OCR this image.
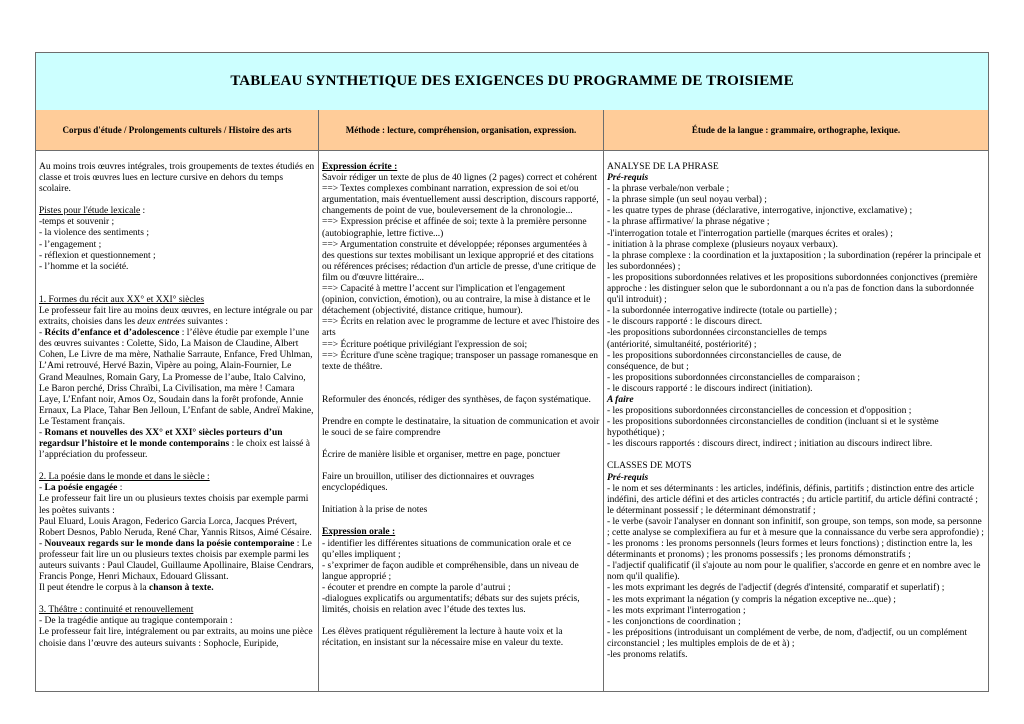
TABLEAU SYNTHETIQUE DES EXIGENCES DU PROGRAMME DE TROISIEME
Corpus d'étude / Prolongements culturels / Histoire des arts	Méthode : lecture, compréhension, organisation, expression.	Étude de la langue : grammaire, orthographe, lexique.

Au moins trois œuvres intégrales, trois groupements de textes étudiés en classe et trois œuvres lues en lecture cursive en dehors du temps scolaire.

Pistes pour l'étude lexicale :

-temps et souvenir ;

- la violence des sentiments ;

- l’engagement ;

- réflexion et questionnement ;

- l’homme et la société.

1. Formes du récit aux XX° et XXI° siècles

Le professeur fait lire au moins deux œuvres, en lecture intégrale ou par extraits, choisies dans les deux entrées suivantes :

- Récits d’enfance et d’adolescence : l’élève étudie par exemple l’une des œuvres suivantes : Colette, Sido, La Maison de Claudine, Albert Cohen, Le Livre de ma mère, Nathalie Sarraute, Enfance, Fred Uhlman, L’Ami retrouvé, Hervé Bazin, Vipère au poing, Alain-Fournier, Le Grand Meaulnes, Romain Gary, La Promesse de l’aube, Italo Calvino, Le Baron perché, Driss Chraïbi, La Civilisation, ma mère ! Camara Laye, L’Enfant noir, Amos Oz, Soudain dans la forêt profonde, Annie Ernaux, La Place, Tahar Ben Jelloun, L’Enfant de sable, Andreï Makine, Le Testament français.

- Romans et nouvelles des XX° et XXI° siècles porteurs d’un regardsur l’histoire et le monde contemporains : le choix est laissé à l’appréciation du professeur.

2. La poésie dans le monde et dans le siècle :

- La poésie engagée :

Le professeur fait lire un ou plusieurs textes choisis par exemple parmi les poètes suivants :

Paul Eluard, Louis Aragon, Federico Garcia Lorca, Jacques Prévert, Robert Desnos, Pablo Neruda, René Char, Yannis Ritsos, Aimé Césaire.

- Nouveaux regards sur le monde dans la poésie contemporaine : Le professeur fait lire un ou plusieurs textes choisis par exemple parmi les auteurs suivants : Paul Claudel, Guillaume Apollinaire, Blaise Cendrars, Francis Ponge, Henri Michaux, Edouard Glissant.

Il peut étendre le corpus à la chanson à texte.

3. Théâtre : continuité et renouvellement

- De la tragédie antique au tragique contemporain :

Le professeur fait lire, intégralement ou par extraits, au moins une pièce choisie dans l’œuvre des auteurs suivants : Sophocle, Euripide,

Expression écrite :

Savoir rédiger un texte de plus de 40 lignes (2 pages) correct et cohérent

==> Textes complexes combinant narration, expression de soi et/ou argumentation, mais éventuellement aussi description, discours rapporté, changements de point de vue, bouleversement de la chronologie...

==> Expression précise et affinée de soi; texte à la première personne (autobiographie, lettre fictive...)

==> Argumentation construite et développée; réponses argumentées à des questions sur textes mobilisant un lexique approprié et des citations ou références précises; rédaction d'un article de presse, d'une critique de film ou d'œuvre littéraire...

==> Capacité à mettre l’accent sur l'implication et l'engagement (opinion, conviction, émotion), ou au contraire, la mise à distance et le détachement (objectivité, distance critique, humour).

==> Écrits en relation avec le programme de lecture et avec l'histoire des arts

==> Écriture poétique privilégiant l'expression de soi;

==> Écriture d'une scène tragique; transposer un passage romanesque en texte de théâtre.

Reformuler des énoncés, rédiger des synthèses, de façon systématique.

Prendre en compte le destinataire, la situation de communication et avoir le souci de se faire comprendre

Écrire de manière lisible et organiser, mettre en page, ponctuer

Faire un brouillon, utiliser des dictionnaires et ouvrages encyclopédiques.

Initiation à la prise de notes

Expression orale :

- identifier les différentes situations de communication orale et ce qu’elles impliquent ;

- s’exprimer de façon audible et compréhensible, dans un niveau de langue approprié ;

- écouter et prendre en compte la parole d’autrui ;

-dialogues explicatifs ou argumentatifs; débats sur des sujets précis, limités, choisis en relation avec l’étude des textes lus.

Les élèves pratiquent régulièrement la lecture à haute voix et la récitation, en insistant sur la nécessaire mise en valeur du texte.

ANALYSE DE LA PHRASE

Pré-requis

- la phrase verbale/non verbale ;

- la phrase simple (un seul noyau verbal) ;

- les quatre types de phrase (déclarative, interrogative, injonctive, exclamative) ;

- la phrase affirmative/ la phrase négative ;

-l'interrogation totale et l'interrogation partielle (marques écrites et orales) ;

- initiation à la phrase complexe (plusieurs noyaux verbaux).

- la phrase complexe : la coordination et la juxtaposition ; la subordination (repérer la principale et les subordonnées) ;

- les propositions subordonnées relatives et les propositions subordonnées conjonctives (première approche : les distinguer selon que le subordonnant a ou n'a pas de fonction dans la subordonnée qu'il introduit) ;

- la subordonnée interrogative indirecte (totale ou partielle) ;

- le discours rapporté : le discours direct.

-les propositions subordonnées circonstancielles de temps

(antériorité, simultanéité, postériorité) ;

- les propositions subordonnées circonstancielles de cause, de

conséquence, de but ;

- les propositions subordonnées circonstancielles de comparaison ;

- le discours rapporté : le discours indirect (initiation).

A faire

- les propositions subordonnées circonstancielles de concession et d'opposition ;

- les propositions subordonnées circonstancielles de condition (incluant si et le système hypothétique) ;

- les discours rapportés : discours direct, indirect ; initiation au discours indirect libre.

CLASSES DE MOTS

Pré-requis

- le nom et ses déterminants : les articles, indéfinis, définis, partitifs ; distinction entre des article indéfini, des article défini et des articles contractés ; du article partitif, du article défini contracté ; le déterminant possessif ; le déterminant démonstratif ;

- le verbe (savoir l'analyser en donnant son infinitif, son groupe, son temps, son mode, sa personne ; cette analyse se complexifiera au fur et à mesure que la connaissance du verbe sera approfondie) ;

- les pronoms : les pronoms personnels (leurs formes et leurs fonctions) ; distinction entre la, les déterminants et pronoms) ; les pronoms possessifs ; les pronoms démonstratifs ;

- l'adjectif qualificatif (il s'ajoute au nom pour le qualifier, s'accorde en genre et en nombre avec le nom qu'il qualifie).

- les mots exprimant les degrés de l'adjectif (degrés d'intensité, comparatif et superlatif) ;

- les mots exprimant la négation (y compris la négation exceptive ne...que) ;

- les mots exprimant l'interrogation ;

- les conjonctions de coordination ;

- les prépositions (introduisant un complément de verbe, de nom, d'adjectif, ou un complément circonstanciel ; les multiples emplois de de et à) ;

-les pronoms relatifs.
